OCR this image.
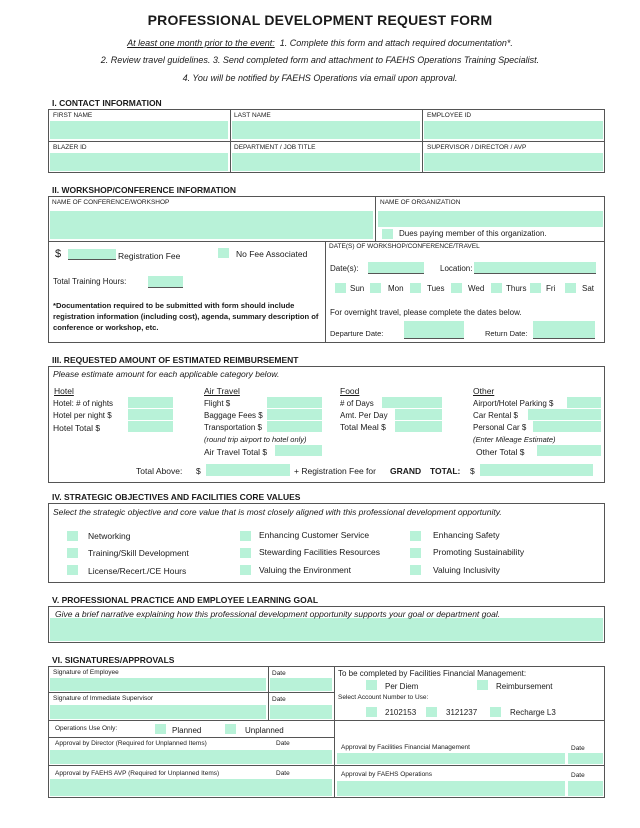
PROFESSIONAL DEVELOPMENT REQUEST FORM
At least one month prior to the event: 1. Complete this form and attach required documentation*.
2. Review travel guidelines. 3. Send completed form and attachment to FAEHS Operations Training Specialist.
4. You will be notified by FAEHS Operations via email upon approval.
I. CONTACT INFORMATION
FIRST NAME	LAST NAME	EMPLOYEE ID
BLAZER ID	DEPARTMENT / JOB TITLE	SUPERVISOR / DIRECTOR / AVP
II. WORKSHOP/CONFERENCE INFORMATION
NAME OF CONFERENCE/WORKSHOP	NAME OF ORGANIZATION
Dues paying member of this organization.
$	Registration Fee	No Fee Associated
Total Training Hours:
*Documentation required to be submitted with form should include registration information (including cost), agenda, summary description of conference or workshop, etc.
DATE(S) OF WORKSHOP/CONFERENCE/TRAVEL
Date(s):	Location:
Sun	Mon	Tues	Wed	Thurs Fri	Sat
For overnight travel, please complete the dates below.
Departure Date:	Return Date:
III. REQUESTED AMOUNT OF ESTIMATED REIMBURSEMENT
Please estimate amount for each applicable category below.
Hotel
Hotel: # of nights
Hotel per night $
Hotel Total $
Air Travel
Flight $
Baggage Fees $
Transportation $
(round trip airport to hotel only)
Air Travel Total $
Food
# of Days
Amt. Per Day
Total Meal $
Other
Airport/Hotel Parking $
Car Rental $
Personal Car $
(Enter Mileage Estimate)
Other Total $
Total Above: $	+ Registration Fee for GRAND TOTAL: $
IV. STRATEGIC OBJECTIVES AND FACILITIES CORE VALUES
Select the strategic objective and core value that is most closely aligned with this professional development opportunity.
Networking
Training/Skill Development
License/Recert./CE Hours
Enhancing Customer Service
Stewarding Facilities Resources
Valuing the Environment
Enhancing Safety
Promoting Sustainability
Valuing Inclusivity
V. PROFESSIONAL PRACTICE AND EMPLOYEE LEARNING GOAL
Give a brief narrative explaining how this professional development opportunity supports your goal or department goal.
VI. SIGNATURES/APPROVALS
Signature of Employee	Date
Signature of Immediate Supervisor	Date
Operations Use Only:	Planned	Unplanned
Approval by Director (Required for Unplanned Items)	Date
Approval by FAEHS AVP (Required for Unplanned Items)	Date
To be completed by Facilities Financial Management:
Per Diem	Reimbursement
Select Account Number to Use:
2102153	3121237	Recharge L3
Approval by Facilities Financial Management	Date
Approval by FAEHS Operations	Date
